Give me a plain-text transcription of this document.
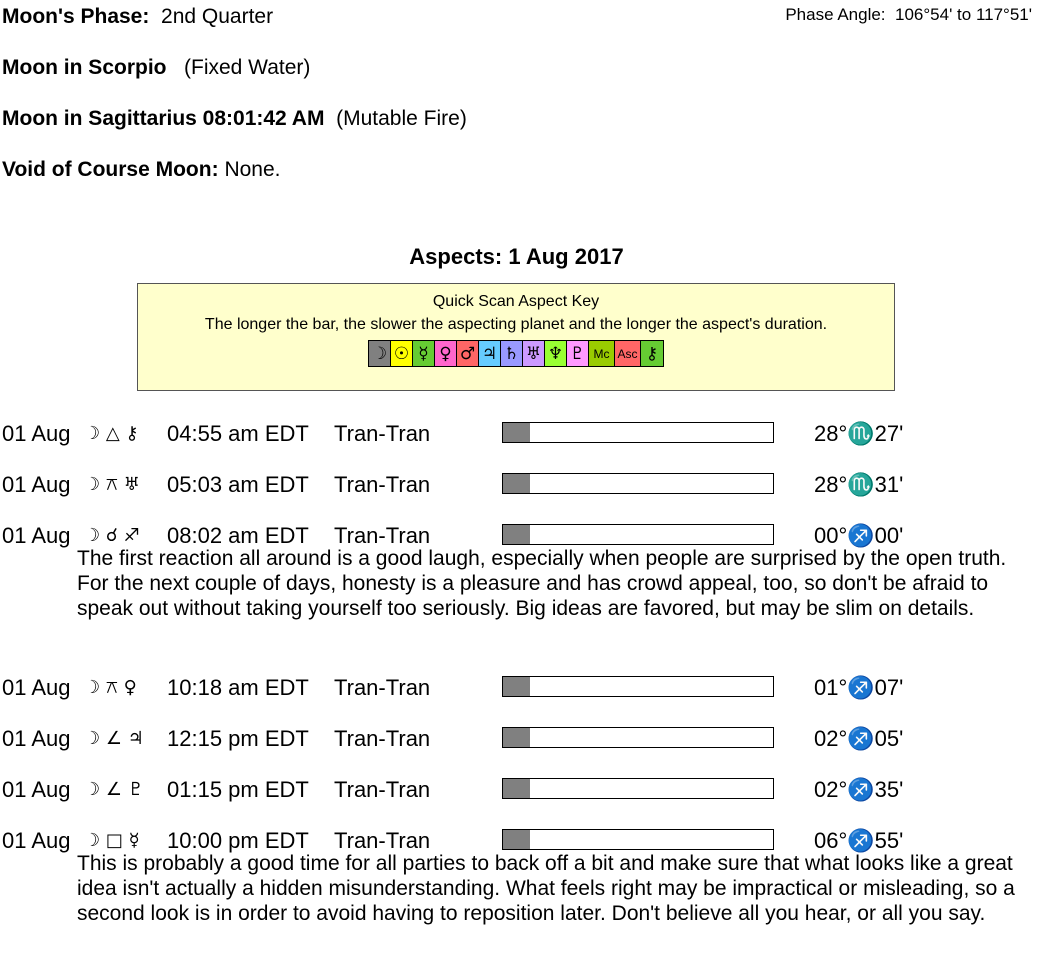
Moon's Phase: 2nd Quarter	Phase Angle: 106°54' to 117°51'
Moon in Scorpio (Fixed Water)
Moon in Sagittarius 08:01:42 AM (Mutable Fire)
Void of Course Moon: None.
Aspects: 1 Aug 2017
Quick Scan Aspect Key
The longer the bar, the slower the aspecting planet and the longer the aspect's duration.
☽ ☉ ☿ ♀ ♂ ♃ ♄ ♅ ♆ ♇ Mc Asc ⚷
01 Aug ☽ △ ⚷ 04:55 am EDT Tran-Tran	28°♏27'
01 Aug ☽ ⚻ ♅ 05:03 am EDT Tran-Tran	28°♏31'
01 Aug ☽ ☌ ♐ 08:02 am EDT Tran-Tran	00°♐00'
The first reaction all around is a good laugh, especially when people are surprised by the open truth. For the next couple of days, honesty is a pleasure and has crowd appeal, too, so don't be afraid to speak out without taking yourself too seriously. Big ideas are favored, but may be slim on details.
01 Aug ☽ ⚻ ♀ 10:18 am EDT Tran-Tran	01°♐07'
01 Aug ☽ ∠ ♃ 12:15 pm EDT Tran-Tran	02°♐05'
01 Aug ☽ ∠ ♇ 01:15 pm EDT Tran-Tran	02°♐35'
01 Aug ☽ □ ☿ 10:00 pm EDT Tran-Tran	06°♐55'
This is probably a good time for all parties to back off a bit and make sure that what looks like a great idea isn't actually a hidden misunderstanding. What feels right may be impractical or misleading, so a second look is in order to avoid having to reposition later. Don't believe all you hear, or all you say.
